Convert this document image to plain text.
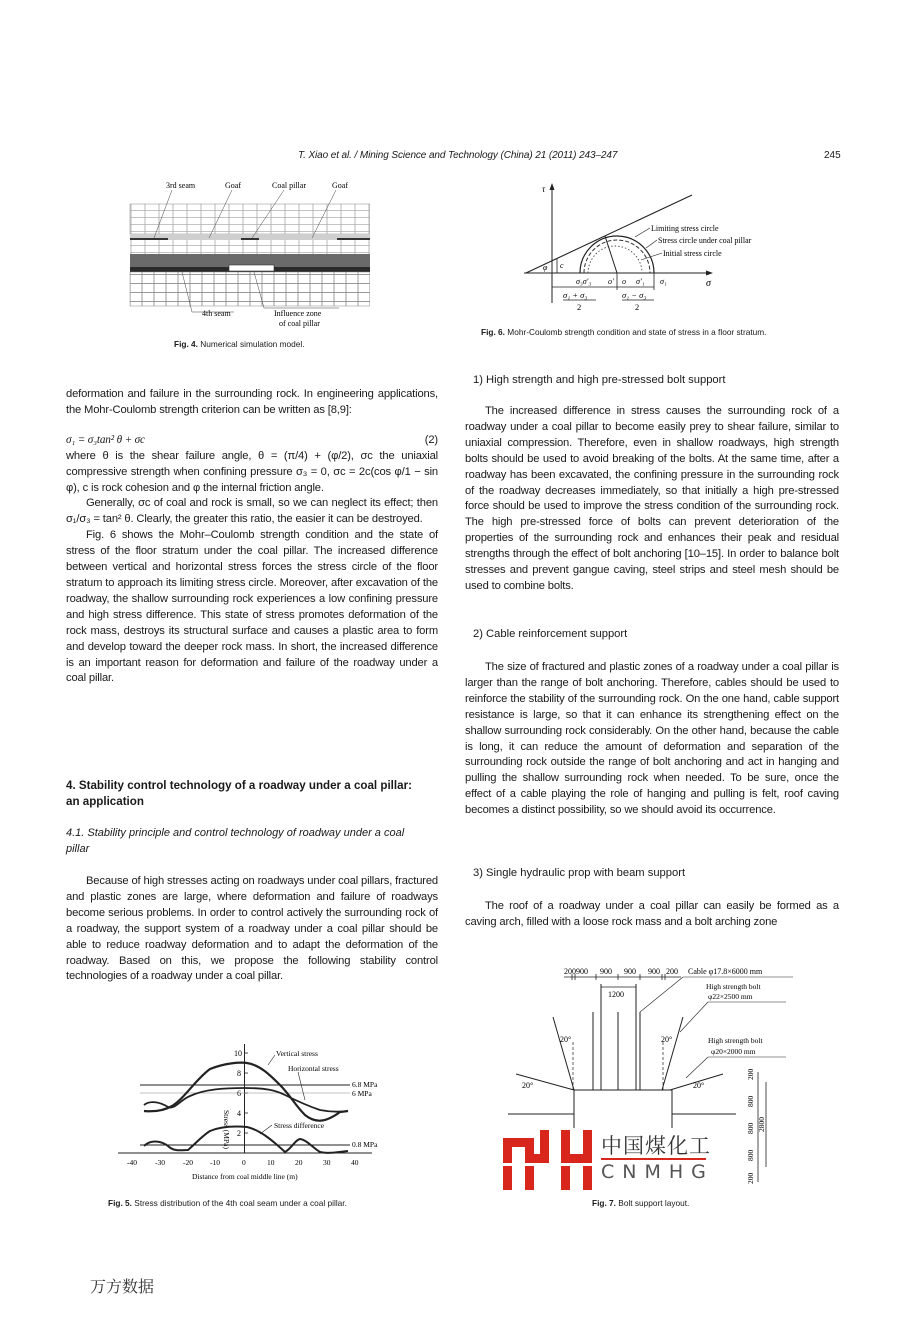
T. Xiao et al. / Mining Science and Technology (China) 21 (2011) 243–247	245
3rd seam	Goaf	Coal pillar	Goaf
4th seam	Influence zone
of coal pillar
Fig. 4. Numerical simulation model.
τ
σ
φ c
σ₃σ′₃ o′ o σ′₁ σ₁
σ₁ + σ₃
2
σ₁ − σ₃
2
Limiting stress circle
Stress circle under coal pillar
Initial stress circle
Fig. 6. Mohr-Coulomb strength condition and state of stress in a floor stratum.

deformation and failure in the surrounding rock. In engineering applications, the Mohr-Coulomb strength criterion can be written as [8,9]:

σ₁ = σ₃tan² θ + σc	(2)

where θ is the shear failure angle, θ = (π/4) + (φ/2), σc the uniaxial compressive strength when confining pressure σ₃ = 0, σc = 2c(cos φ/1 − sin φ), c is rock cohesion and φ the internal friction angle.

Generally, σc of coal and rock is small, so we can neglect its effect; then σ₁/σ₃ = tan² θ. Clearly, the greater this ratio, the easier it can be destroyed.

Fig. 6 shows the Mohr–Coulomb strength condition and the state of stress of the floor stratum under the coal pillar. The increased difference between vertical and horizontal stress forces the stress circle of the floor stratum to approach its limiting stress circle. Moreover, after excavation of the roadway, the shallow surrounding rock experiences a low confining pressure and high stress difference. This state of stress promotes deformation of the rock mass, destroys its structural surface and causes a plastic area to form and develop toward the deeper rock mass. In short, the increased difference is an important reason for deformation and failure of the roadway under a coal pillar.

4. Stability control technology of a roadway under a coal pillar: an application
4.1. Stability principle and control technology of roadway under a coal pillar

Because of high stresses acting on roadways under coal pillars, fractured and plastic zones are large, where deformation and failure of roadways become serious problems. In order to control actively the surrounding rock of a roadway, the support system of a roadway under a coal pillar should be able to reduce roadway deformation and to adapt the deformation of the roadway. Based on this, we propose the following stability control technologies of a roadway under a coal pillar.

1) High strength and high pre-stressed bolt support

The increased difference in stress causes the surrounding rock of a roadway under a coal pillar to become easily prey to shear failure, similar to uniaxial compression. Therefore, even in shallow roadways, high strength bolts should be used to avoid breaking of the bolts. At the same time, after a roadway has been excavated, the confining pressure in the surrounding rock of the roadway decreases immediately, so that initially a high pre-stressed force should be used to improve the stress condition of the surrounding rock. The high pre-stressed force of bolts can prevent deterioration of the properties of the surrounding rock and enhances their peak and residual strengths through the effect of bolt anchoring [10–15]. In order to balance bolt stresses and prevent gangue caving, steel strips and steel mesh should be used to combine bolts.

2) Cable reinforcement support

The size of fractured and plastic zones of a roadway under a coal pillar is larger than the range of bolt anchoring. Therefore, cables should be used to reinforce the stability of the surrounding rock. On the one hand, cable support resistance is large, so that it can enhance its strengthening effect on the shallow surrounding rock considerably. On the other hand, because the cable is long, it can reduce the amount of deformation and separation of the surrounding rock outside the range of bolt anchoring and act in hanging and pulling the shallow surrounding rock when needed. To be sure, once the effect of a cable playing the role of hanging and pulling is felt, roof caving becomes a distinct possibility, so we should avoid its occurrence.

3) Single hydraulic prop with beam support

The roof of a roadway under a coal pillar can easily be formed as a caving arch, filled with a loose rock mass and a bolt arching zone

10
8
6
4
2
Stress (MPa)
6.8 MPa
6 MPa
0.8 MPa
Vertical stress
Horizontal stress
Stress difference
-40 -30 -20 -10	0	10	20	30	40
Distance from coal middle line (m)
Fig. 5. Stress distribution of the 4th coal seam under a coal pillar.
200 900 900 900 900 200
1200
20°	20°
20°	20°
Cable φ17.8×6000 mm
High strength bolt
φ22×2500 mm
High strength bolt
φ20×2000 mm
200
800
800
800
200
2800
Fig. 7. Bolt support layout.
中国煤化工
CNMHG
万方数据
